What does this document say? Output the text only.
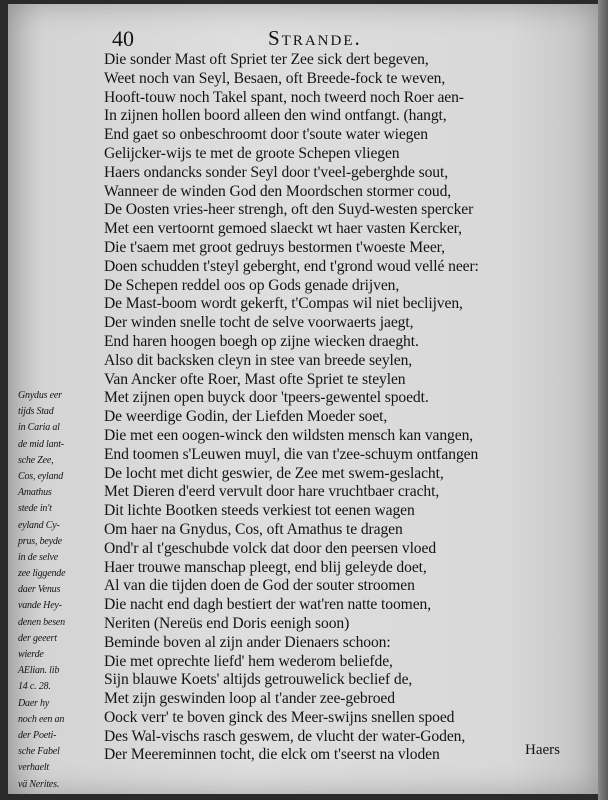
40	Strande.
Gnydus eer
tijds Stad
in Caria al
de mid lant-
sche Zee,
Cos, eyland
Amathus
stede in't
eyland Cy-
prus, beyde
in de selve
zee liggende
daer Venus
vande Hey-
denen besen
der geeert
wierde
AElian. lib
14 c. 28.
Daer hy
noch een an
der Poeti-
sche Fabel
verhaelt
vä Nerites.
Die sonder Mast oft Spriet ter Zee sick dert begeven,
Weet noch van Seyl, Besaen, oft Breede-fock te weven,
Hooft-touw noch Takel spant, noch tweerd noch Roer aen-
In zijnen hollen boord alleen den wind ontfangt. (hangt,
End gaet so onbeschroomt door t'soute water wiegen
Gelijcker-wijs te met de groote Schepen vliegen
Haers ondancks sonder Seyl door t'veel-geberghde sout,
Wanneer de winden God den Moordschen stormer coud,
De Oosten vries-heer strengh, oft den Suyd-westen spercker
Met een vertoornt gemoed slaeckt wt haer vasten Kercker,
Die t'saem met groot gedruys bestormen t'woeste Meer,
Doen schudden t'steyl geberght, end t'grond woud vellé neer:
De Schepen reddel oos op Gods genade drijven,
De Mast-boom wordt gekerft, t'Compas wil niet beclijven,
Der winden snelle tocht de selve voorwaerts jaegt,
End haren hoogen boegh op zijne wiecken draeght.
Also dit backsken cleyn in stee van breede seylen,
Van Ancker ofte Roer, Mast ofte Spriet te steylen
Met zijnen open buyck door 'tpeers-gewentel spoedt.
De weerdige Godin, der Liefden Moeder soet,
Die met een oogen-winck den wildsten mensch kan vangen,
End toomen s'Leuwen muyl, die van t'zee-schuym ontfangen
De locht met dicht geswier, de Zee met swem-geslacht,
Met Dieren d'eerd vervult door hare vruchtbaer cracht,
Dit lichte Bootken steeds verkiest tot eenen wagen
Om haer na Gnydus, Cos, oft Amathus te dragen
Ond'r al t'geschubde volck dat door den peersen vloed
Haer trouwe manschap pleegt, end blij geleyde doet,
Al van die tijden doen de God der souter stroomen
Die nacht end dagh bestiert der wat'ren natte toomen,
Neriten (Nereüs end Doris eenigh soon)
Beminde boven al zijn ander Dienaers schoon:
Die met oprechte liefd' hem wederom beliefde,
Sijn blauwe Koets' altijds getrouwelick beclief de,
Met zijn geswinden loop al t'ander zee-gebroed
Oock verr' te boven ginck des Meer-swijns snellen spoed
Des Wal-vischs rasch geswem, de vlucht der water-Goden,
Der Meereminnen tocht, die elck om t'seerst na vloden	Haers
